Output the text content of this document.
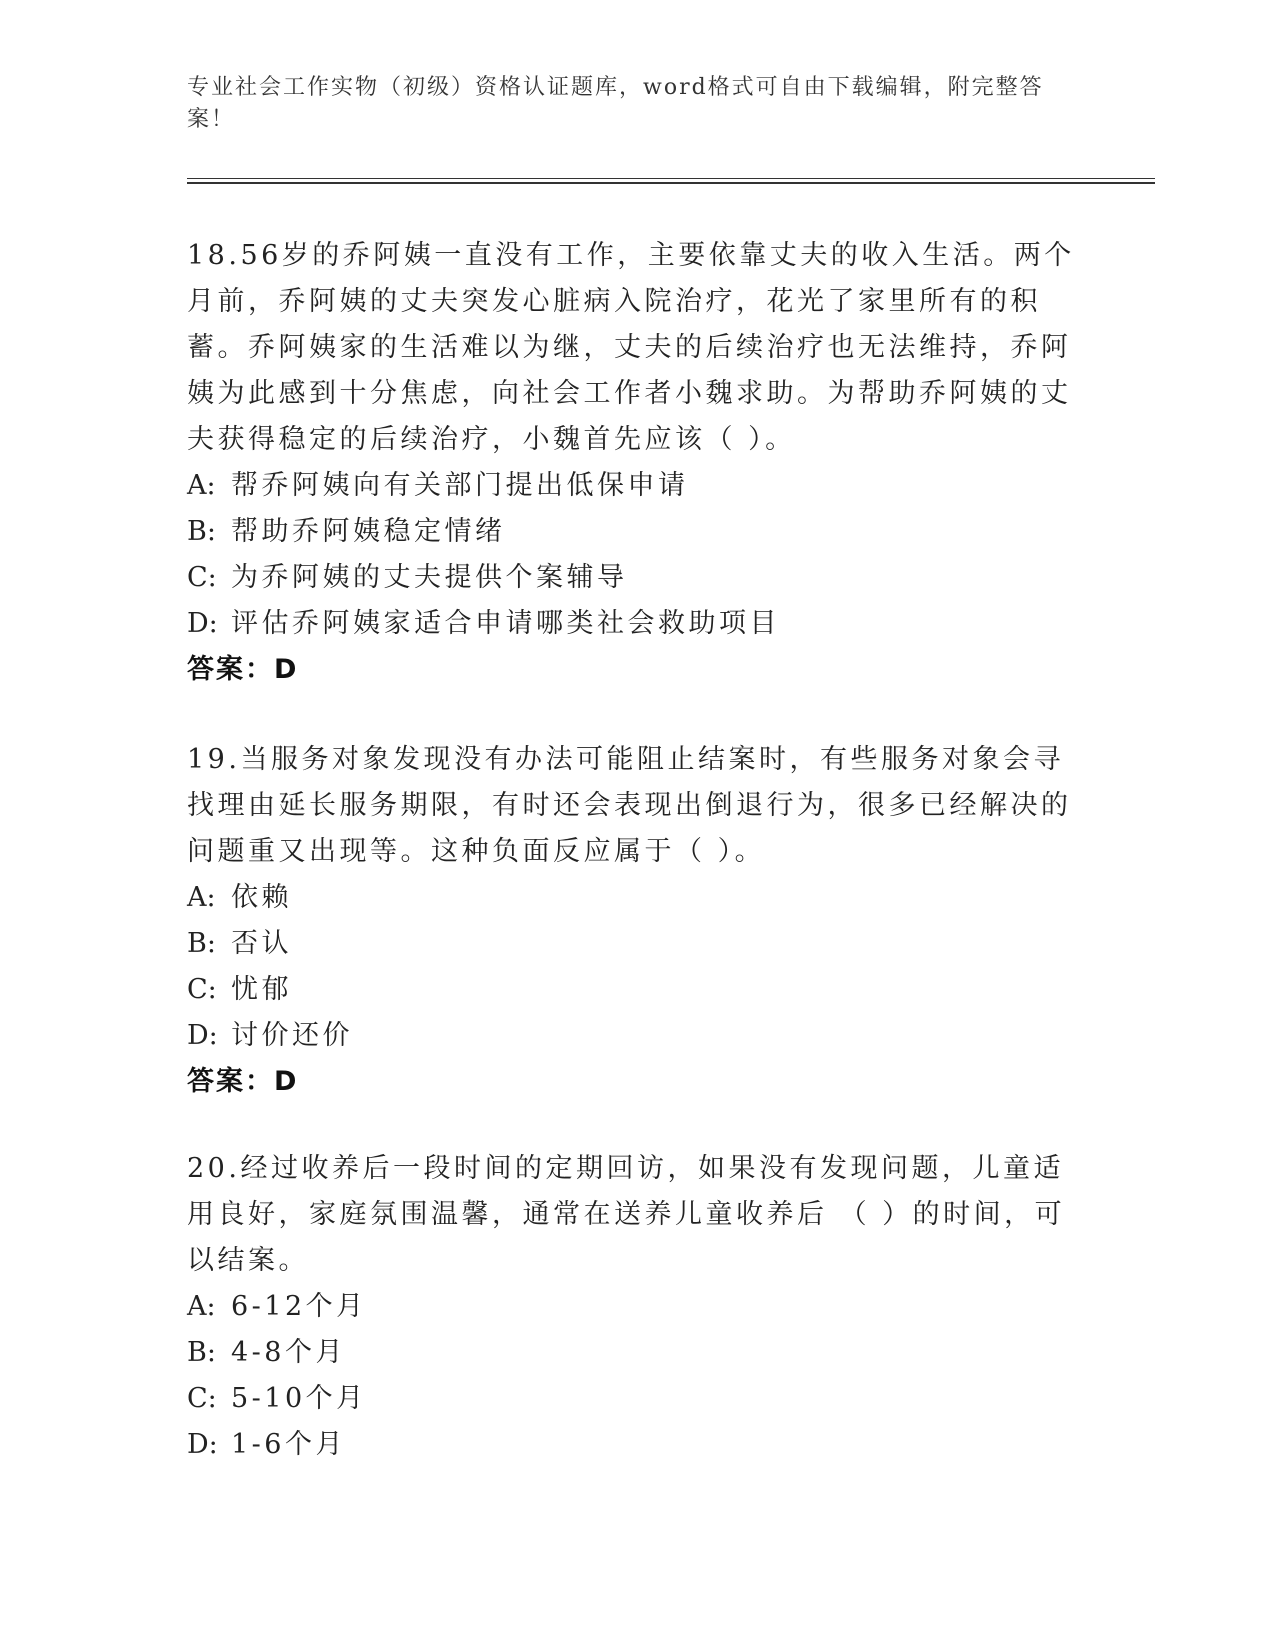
专业社会工作实物（初级）资格认证题库，word格式可自由下载编辑，附完整答案！
18.56岁的乔阿姨一直没有工作，主要依靠丈夫的收入生活。两个月前，乔阿姨的丈夫突发心脏病入院治疗，花光了家里所有的积蓄。乔阿姨家的生活难以为继，丈夫的后续治疗也无法维持，乔阿姨为此感到十分焦虑，向社会工作者小魏求助。为帮助乔阿姨的丈夫获得稳定的后续治疗，小魏首先应该（ ）。
A: 帮乔阿姨向有关部门提出低保申请
B: 帮助乔阿姨稳定情绪
C: 为乔阿姨的丈夫提供个案辅导
D: 评估乔阿姨家适合申请哪类社会救助项目
答案：D
19.当服务对象发现没有办法可能阻止结案时，有些服务对象会寻找理由延长服务期限，有时还会表现出倒退行为，很多已经解决的问题重又出现等。这种负面反应属于（ ）。
A: 依赖
B: 否认
C: 忧郁
D: 讨价还价
答案：D
20.经过收养后一段时间的定期回访，如果没有发现问题，儿童适用良好，家庭氛围温馨，通常在送养儿童收养后 （ ）的时间，可以结案。
A: 6-12个月
B: 4-8个月
C: 5-10个月
D: 1-6个月
